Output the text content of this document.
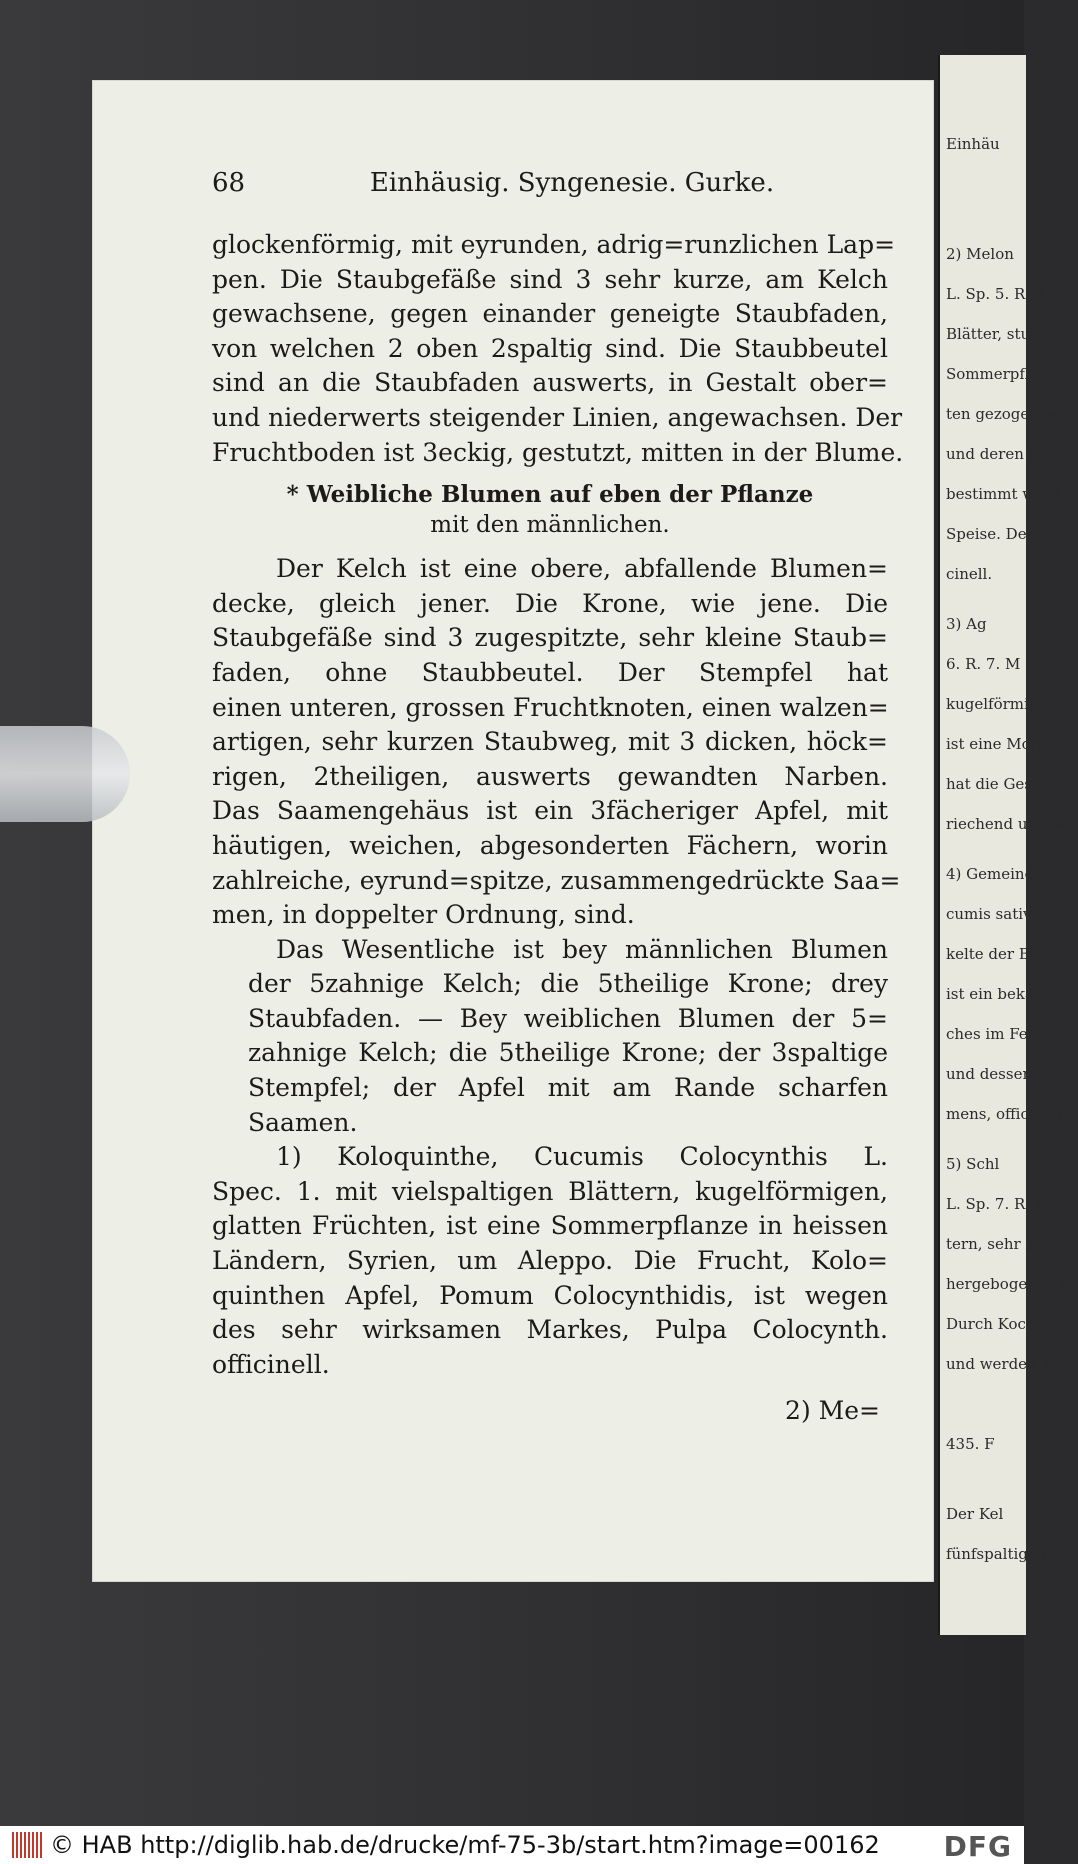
Einhäu
2) Melon
L. Sp. 5. R. 6.
Blätter, stum
Sommerpflanze
ten gezogen wir
und deren Be
bestimmt werd
Speise. Der
cinell.
3) Ag
6. R. 7. M
kugelförmigen
ist eine Morgen
hat die Gestalt
riechend und wir
4) Gemeine
cumis sativus
kelte der Blät
ist ein bekannt
ches im Feldes
und dessen Saa
mens, officinell.
5) Schl
L. Sp. 7. R. m
tern, sehr lang
hergebogenen Fr
Durch Kochen
und werden so
435. F
Der Kel
fünfspaltige G
68	Einhäusig. Syngenesie. Gurke.
glockenförmig, mit eyrunden, adrig=runzlichen Lap=
pen. Die Staubgefäße sind 3 sehr kurze, am Kelch
gewachsene, gegen einander geneigte Staubfaden,
von welchen 2 oben 2spaltig sind. Die Staubbeutel
sind an die Staubfaden auswerts, in Gestalt ober=
und niederwerts steigender Linien, angewachsen. Der
Fruchtboden ist 3eckig, gestutzt, mitten in der Blume.
* Weibliche Blumen auf eben der Pflanze
mit den männlichen.
Der Kelch ist eine obere, abfallende Blumen=
decke, gleich jener. Die Krone, wie jene. Die
Staubgefäße sind 3 zugespitzte, sehr kleine Staub=
faden, ohne Staubbeutel. Der Stempfel hat
einen unteren, grossen Fruchtknoten, einen walzen=
artigen, sehr kurzen Staubweg, mit 3 dicken, höck=
rigen, 2theiligen, auswerts gewandten Narben.
Das Saamengehäus ist ein 3fächeriger Apfel, mit
häutigen, weichen, abgesonderten Fächern, worin
zahlreiche, eyrund=spitze, zusammengedrückte Saa=
men, in doppelter Ordnung, sind.
Das Wesentliche ist bey männlichen Blumen
der 5zahnige Kelch; die 5theilige Krone; drey
Staubfaden. — Bey weiblichen Blumen der 5=
zahnige Kelch; die 5theilige Krone; der 3spaltige
Stempfel; der Apfel mit am Rande scharfen
Saamen.
1) Koloquinthe, Cucumis Colocynthis L.
Spec. 1. mit vielspaltigen Blättern, kugelförmigen,
glatten Früchten, ist eine Sommerpflanze in heissen
Ländern, Syrien, um Aleppo. Die Frucht, Kolo=
quinthen Apfel, Pomum Colocynthidis, ist wegen
des sehr wirksamen Markes, Pulpa Colocynth.
officinell.
2) Me=
© HAB http://diglib.hab.de/drucke/mf-75-3b/start.htm?image=00162 DFG
